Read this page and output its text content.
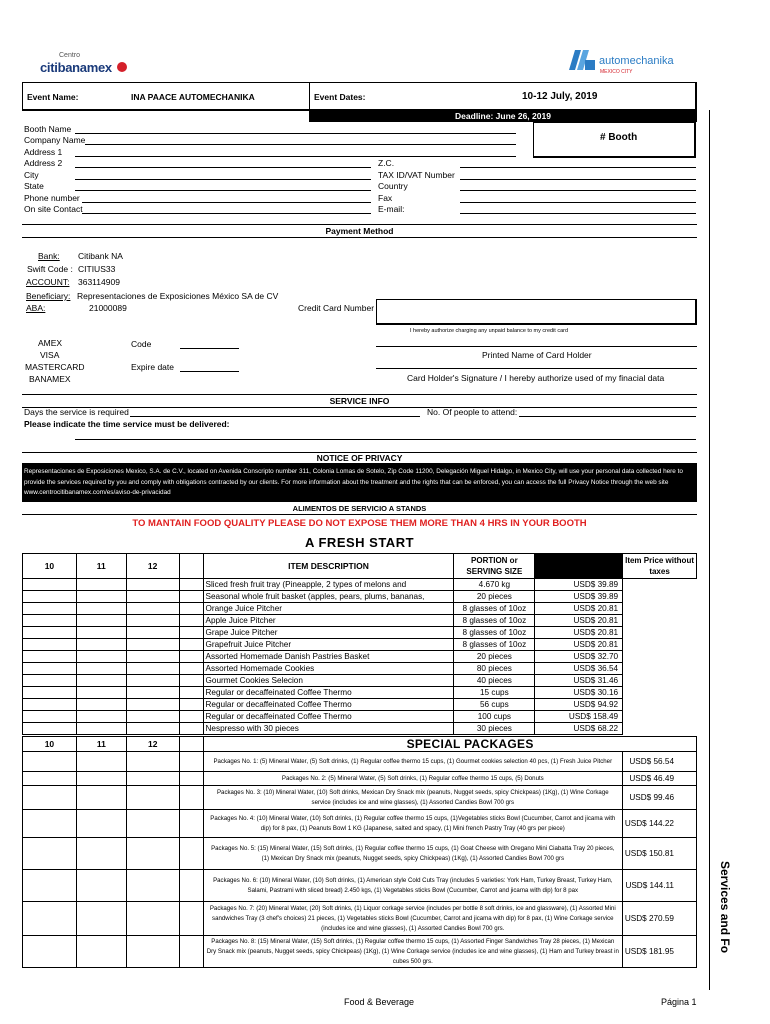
Centro
citibanamex	automechanika
MEXICO CITY
Event Name:	INA PAACE AUTOMECHANIKA	Event Dates:	10-12 July, 2019
Deadline: June 26, 2019
Booth Name
Company Name
Address 1
Address 2
City
State
Phone number
On site Contact
Z.C.
TAX ID/VAT Number
Country
Fax
E-mail:
# Booth
Payment Method
Bank: Citibank NA
Swift Code : CITIUS33
ACCOUNT: 363114909
Beneficiary: Representaciones de Exposiciones México SA de CV
ABA:	21000089	Credit Card Number
I hereby authorize charging any unpaid balance to my credit card
AMEX
VISA
MASTERCARD
BANAMEX
Code
Expire date
Printed Name of Card Holder
Card Holder's Signature / I hereby authorize used of my finacial data
SERVICE INFO
Days the service is required	No. Of people to attend:
Please indicate the time service must be delivered:
NOTICE OF PRIVACY
Representaciones de Exposiciones Mexico, S.A. de C.V., located on Avenida Conscripto number 311, Colonia Lomas de Sotelo, Zip Code 11200, Delegación Miguel Hidalgo, in Mexico City, will use your personal data collected here to provide the services required by you and comply with obligations contracted by our clients. For more information about the treatment and the rights that can be enforced, you can access the full Privacy Notice through the web site www.centrocitibanamex.com/es/aviso-de-privacidad
ALIMENTOS DE SERVICIO A STANDS
TO MANTAIN FOOD QUALITY PLEASE DO NOT EXPOSE THEM MORE THAN 4 HRS IN YOUR BOOTH
A FRESH START
10	11	12		ITEM DESCRIPTION	PORTION or SERVING SIZE		Item Price without taxes
				Sliced fresh fruit tray (Pineapple, 2 types of melons and	4.670 kg	USD$ 39.89	
				Seasonal whole fruit basket (apples, pears, plums, bananas,	20 pieces	USD$ 39.89	
				Orange Juice Pitcher	8 glasses of 10oz	USD$ 20.81	
				Apple Juice Pitcher	8 glasses of 10oz	USD$ 20.81	
				Grape Juice Pitcher	8 glasses of 10oz	USD$ 20.81	
				Grapefruit Juice Pitcher	8 glasses of 10oz	USD$ 20.81	
				Assorted Homemade Danish Pastries Basket	20 pieces	USD$ 32.70	
				Assorted Homemade Cookies	80 pieces	USD$ 36.54	
				Gourmet Cookies Selecion	40 pieces	USD$ 31.46	
				Regular or decaffeinated Coffee Thermo	15 cups	USD$ 30.16	
				Regular or decaffeinated Coffee Thermo	56 cups	USD$ 94.92	
				Regular or decaffeinated Coffee Thermo	100 cups	USD$ 158.49	
				Nespresso with 30 pieces	30 pieces	USD$ 68.22	
10	11	12		SPECIAL PACKAGES	
				Packages No. 1: (5) Mineral Water, (5) Soft drinks, (1) Regular coffee thermo 15 cups, (1) Gourmet cookies selection 40 pcs, (1) Fresh Juice Pitcher	USD$ 56.54
				Packages No. 2: (5) Mineral Water, (5) Soft drinks, (1) Regular coffee thermo 15 cups, (5) Donuts	USD$ 46.49
				Packages No. 3: (10) Mineral Water, (10) Soft drinks, Mexican Dry Snack mix (peanuts, Nugget seeds, spicy Chickpeas) (1Kg), (1) Wine Corkage service (includes ice and wine glasses), (1) Assorted Candies Bowl 700 grs	USD$ 99.46
				Packages No. 4: (10) Mineral Water, (10) Soft drinks, (1) Regular coffee thermo 15 cups, (1)Vegetables sticks Bowl (Cucumber, Carrot and jicama with dip) for 8 pax, (1) Peanuts Bowl 1 KG (Japanese, salted and spacy, (1) Mini french Pastry Tray (40 grs per piece)	USD$ 144.22
				Packages No. 5: (15) Mineral Water, (15) Soft drinks, (1) Regular coffee thermo 15 cups, (1) Goat Cheese with Oregano Mini Ciabatta Tray 20 pieces, (1) Mexican Dry Snack mix (peanuts, Nugget seeds, spicy Chickpeas) (1Kg), (1) Assorted Candies Bowl 700 grs	USD$ 150.81
				Packages No. 6: (10) Mineral Water, (10) Soft drinks, (1) American style Cold Cuts Tray (includes 5 varieties: York Ham, Turkey Breast, Turkey Ham, Salami, Pastrami with sliced bread) 2.450 kgs, (1) Vegetables sticks Bowl (Cucumber, Carrot and jicama with dip) for 8 pax	USD$ 144.11
				Packages No. 7: (20) Mineral Water, (20) Soft drinks, (1) Liquor corkage service (includes per bottle 8 soft drinks, ice and glassware), (1) Assorted Mini sandwiches Tray (3 chef's choices) 21 pieces, (1) Vegetables sticks Bowl (Cucumber, Carrot and jicama with dip) for 8 pax, (1) Wine Corkage service (includes ice and wine glasses), (1) Assorted Candies Bowl 700 grs.	USD$ 270.59
				Packages No. 8: (15) Mineral Water, (15) Soft drinks, (1) Regular coffee thermo 15 cups, (1) Assorted Finger Sandwiches Tray 28 pieces, (1) Mexican Dry Snack mix (peanuts, Nugget seeds, spicy Chickpeas) (1Kg), (1) Wine Corkage service (includes ice and wine glasses), (1) Ham and Turkey breast in cubes 500 grs.	USD$ 181.95	Services and Fo
Food & Beverage	Página 1
